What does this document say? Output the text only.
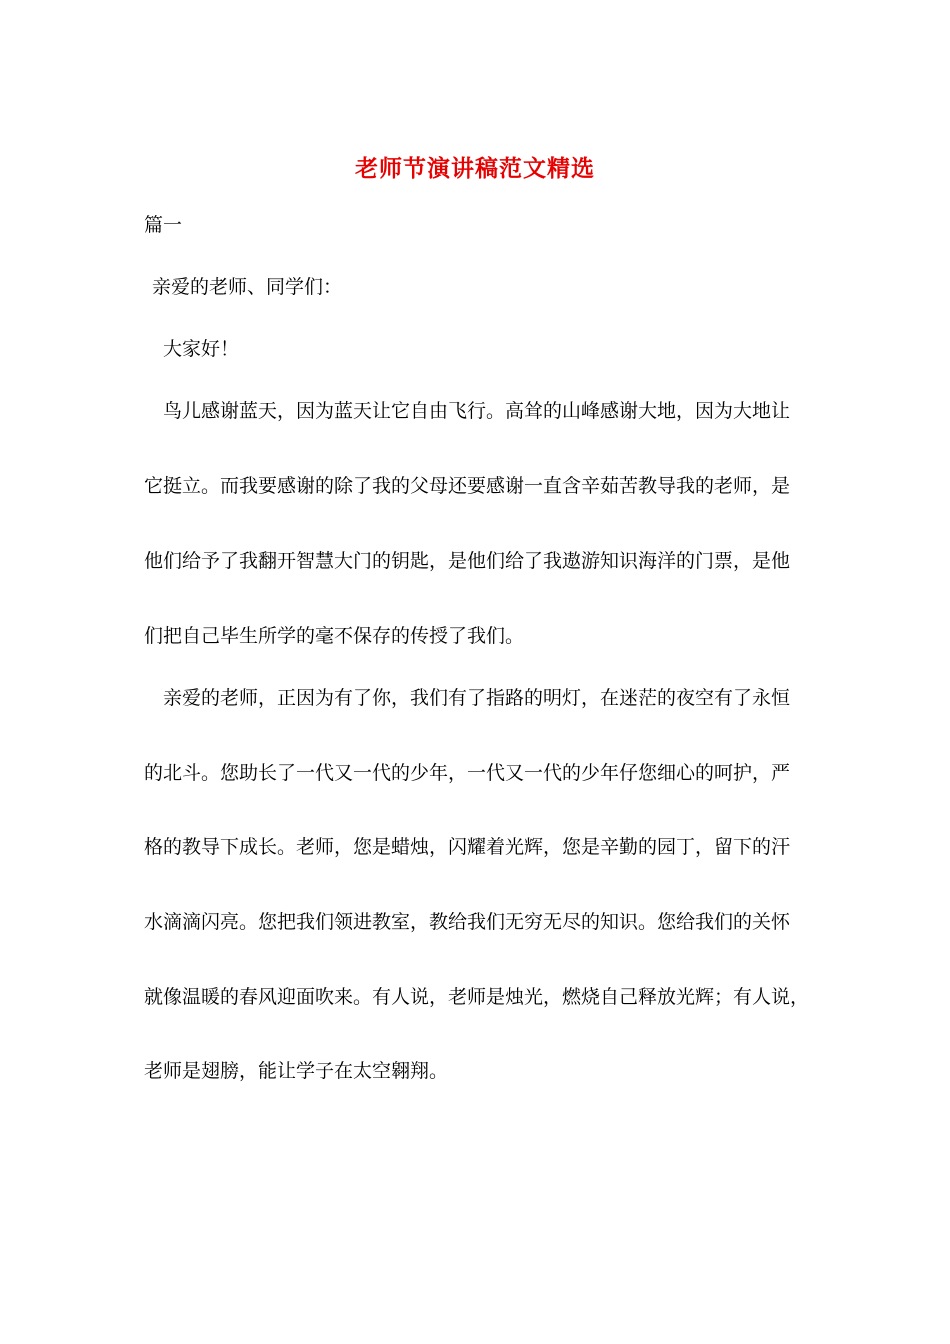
老师节演讲稿范文精选
篇一
亲爱的老师、同学们：
大家好！
鸟儿感谢蓝天，因为蓝天让它自由飞行。高耸的山峰感谢大地，因为大地让
它挺立。而我要感谢的除了我的父母还要感谢一直含辛茹苦教导我的老师，是
他们给予了我翻开智慧大门的钥匙，是他们给了我遨游知识海洋的门票，是他
们把自己毕生所学的毫不保存的传授了我们。
亲爱的老师，正因为有了你，我们有了指路的明灯，在迷茫的夜空有了永恒
的北斗。您助长了一代又一代的少年，一代又一代的少年仔您细心的呵护，严
格的教导下成长。老师，您是蜡烛，闪耀着光辉，您是辛勤的园丁，留下的汗
水滴滴闪亮。您把我们领进教室，教给我们无穷无尽的知识。您给我们的关怀
就像温暖的春风迎面吹来。有人说，老师是烛光，燃烧自己释放光辉；有人说，
老师是翅膀，能让学子在太空翱翔。
